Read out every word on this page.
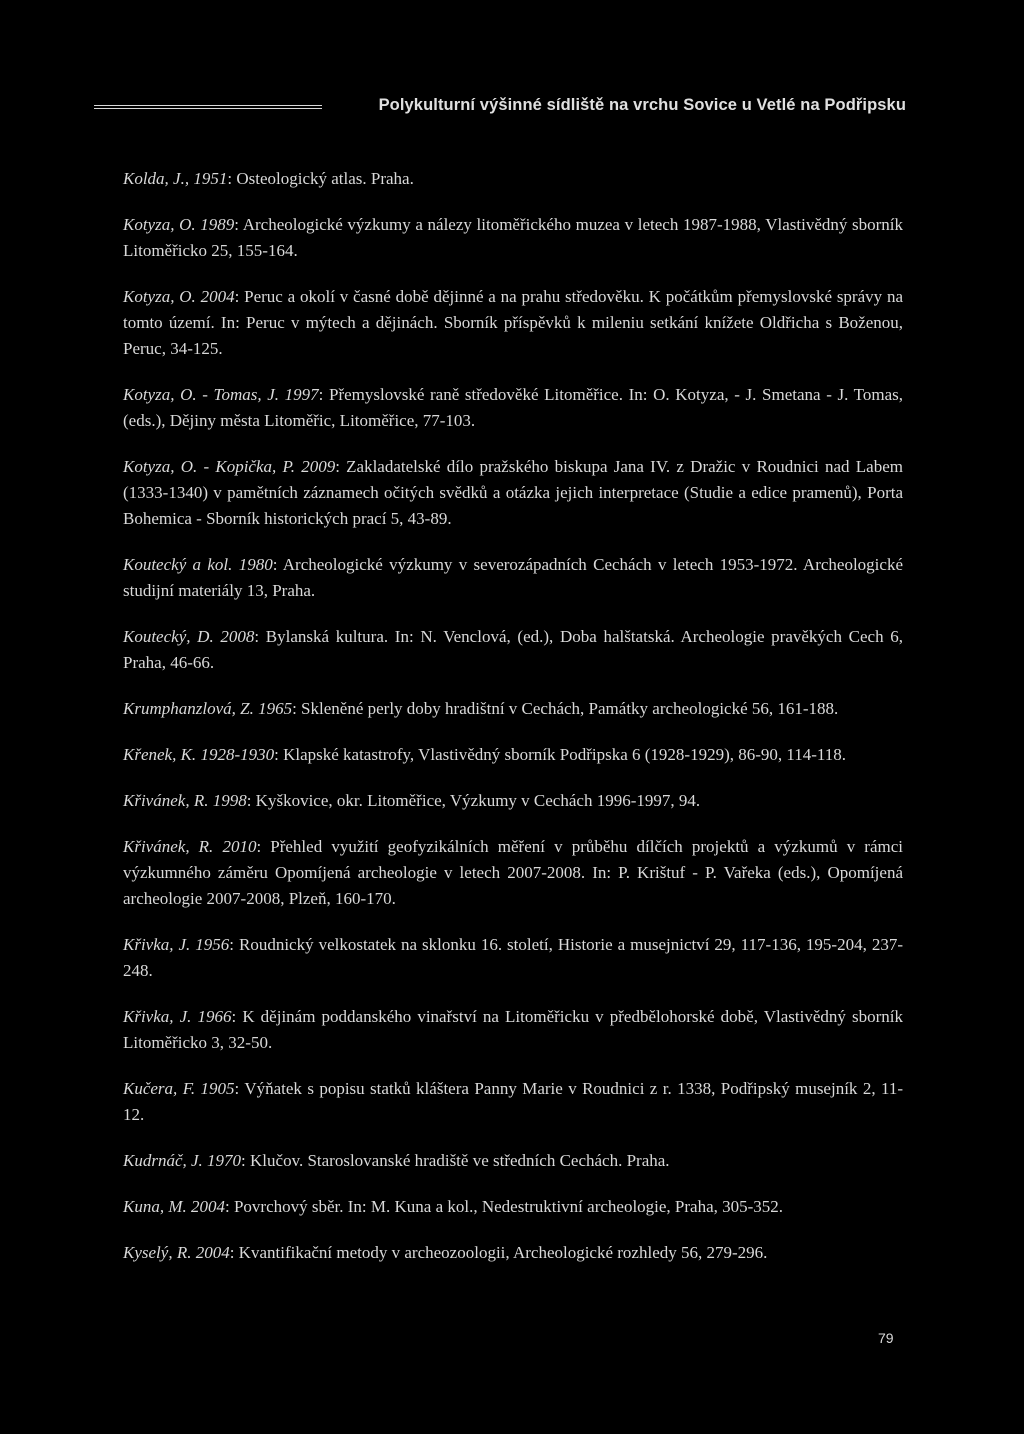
Polykulturní výšinné sídliště na vrchu Sovice u Vetlé na Podřipsku

Kolda, J., 1951: Osteologický atlas. Praha.

Kotyza, O. 1989: Archeologické výzkumy a nálezy litoměřického muzea v letech 1987-1988, Vlastivědný sborník Litoměřicko 25, 155-164.

Kotyza, O. 2004: Peruc a okolí v časné době dějinné a na prahu středověku. K počátkům přemyslovské správy na tomto území. In: Peruc v mýtech a dějinách. Sborník příspěvků k mileniu setkání knížete Oldřicha s Boženou, Peruc, 34-125.

Kotyza, O. - Tomas, J. 1997: Přemyslovské raně středověké Litoměřice. In: O. Kotyza, - J. Smetana - J. Tomas, (eds.), Dějiny města Litoměřic, Litoměřice, 77-103.

Kotyza, O. - Kopička, P. 2009: Zakladatelské dílo pražského biskupa Jana IV. z Dražic v Roudnici nad Labem (1333-1340) v pamětních záznamech očitých svědků a otázka jejich interpretace (Studie a edice pramenů), Porta Bohemica - Sborník historických prací 5, 43-89.

Koutecký a kol. 1980: Archeologické výzkumy v severozápadních Cechách v letech 1953-1972. Archeologické studijní materiály 13, Praha.

Koutecký, D. 2008: Bylanská kultura. In: N. Venclová, (ed.), Doba halštatská. Archeologie pravěkých Cech 6, Praha, 46-66.

Krumphanzlová, Z. 1965: Skleněné perly doby hradištní v Cechách, Památky archeologické 56, 161-188.

Křenek, K. 1928-1930: Klapské katastrofy, Vlastivědný sborník Podřipska 6 (1928-1929), 86-90, 114-118.

Křivánek, R. 1998: Kyškovice, okr. Litoměřice, Výzkumy v Cechách 1996-1997, 94.

Křivánek, R. 2010: Přehled využití geofyzikálních měření v průběhu dílčích projektů a výzkumů v rámci výzkumného záměru Opomíjená archeologie v letech 2007-2008. In: P. Krištuf - P. Vařeka (eds.), Opomíjená archeologie 2007-2008, Plzeň, 160-170.

Křivka, J. 1956: Roudnický velkostatek na sklonku 16. století, Historie a musejnictví 29, 117-136, 195-204, 237-248.

Křivka, J. 1966: K dějinám poddanského vinařství na Litoměřicku v předbělohorské době, Vlastivědný sborník Litoměřicko 3, 32-50.

Kučera, F. 1905: Výňatek s popisu statků kláštera Panny Marie v Roudnici z r. 1338, Podřipský musejník 2, 11-12.

Kudrnáč, J. 1970: Klučov. Staroslovanské hradiště ve středních Cechách. Praha.

Kuna, M. 2004: Povrchový sběr. In: M. Kuna a kol., Nedestruktivní archeologie, Praha, 305-352.

Kyselý, R. 2004: Kvantifikační metody v archeozoologii, Archeologické rozhledy 56, 279-296.

79
